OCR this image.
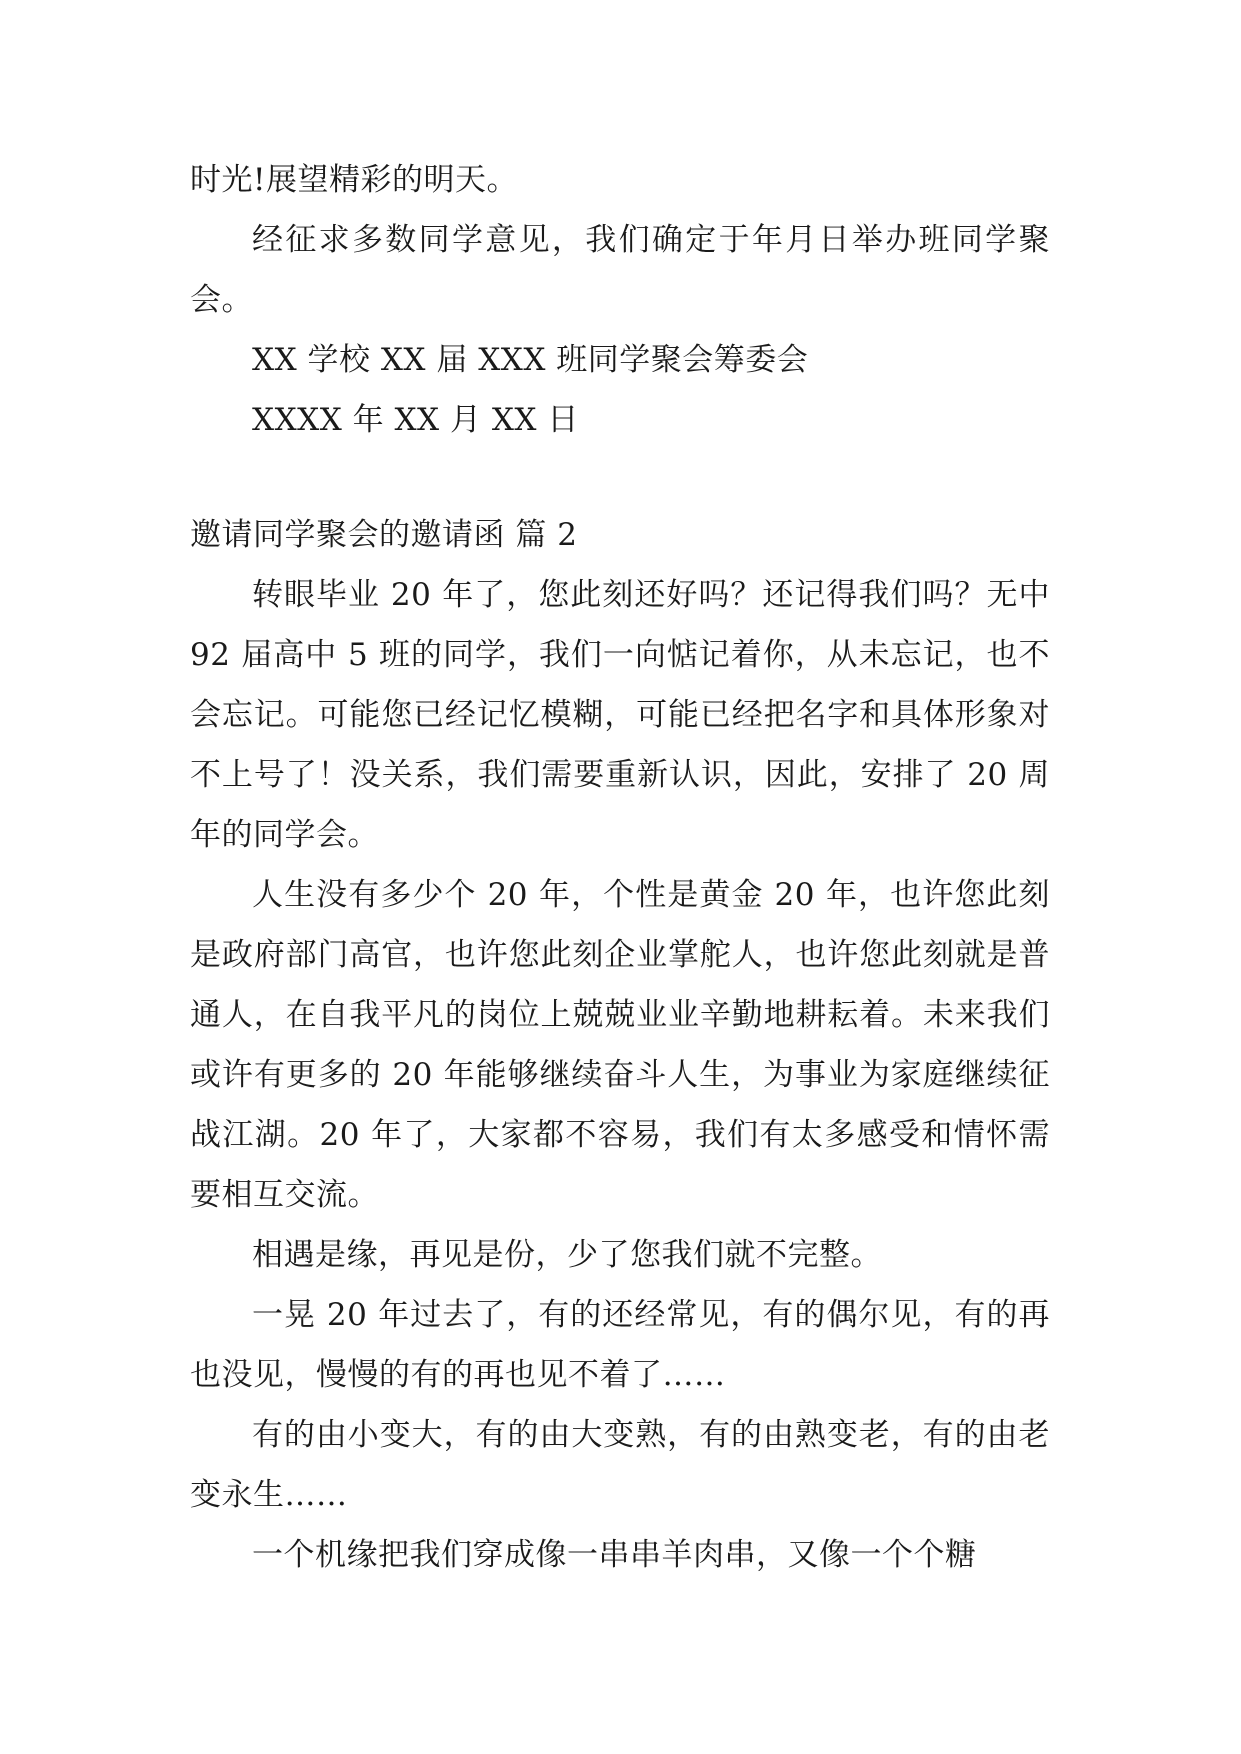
时光!展望精彩的明天。

经征求多数同学意见，我们确定于年月日举办班同学聚会。

XX 学校 XX 届 XXX 班同学聚会筹委会
XXXX 年 XX 月 XX 日
邀请同学聚会的邀请函 篇 2

转眼毕业 20 年了，您此刻还好吗？还记得我们吗？无中 92 届高中 5 班的同学，我们一向惦记着你，从未忘记，也不会忘记。可能您已经记忆模糊，可能已经把名字和具体形象对不上号了！没关系，我们需要重新认识，因此，安排了 20 周年的同学会。

人生没有多少个 20 年，个性是黄金 20 年，也许您此刻是政府部门高官，也许您此刻企业掌舵人，也许您此刻就是普通人，在自我平凡的岗位上兢兢业业辛勤地耕耘着。未来我们或许有更多的 20 年能够继续奋斗人生，为事业为家庭继续征战江湖。20 年了，大家都不容易，我们有太多感受和情怀需要相互交流。

相遇是缘，再见是份，少了您我们就不完整。

一晃 20 年过去了，有的还经常见，有的偶尔见，有的再也没见，慢慢的有的再也见不着了……

有的由小变大，有的由大变熟，有的由熟变老，有的由老变永生……

一个机缘把我们穿成像一串串羊肉串，又像一个个糖
